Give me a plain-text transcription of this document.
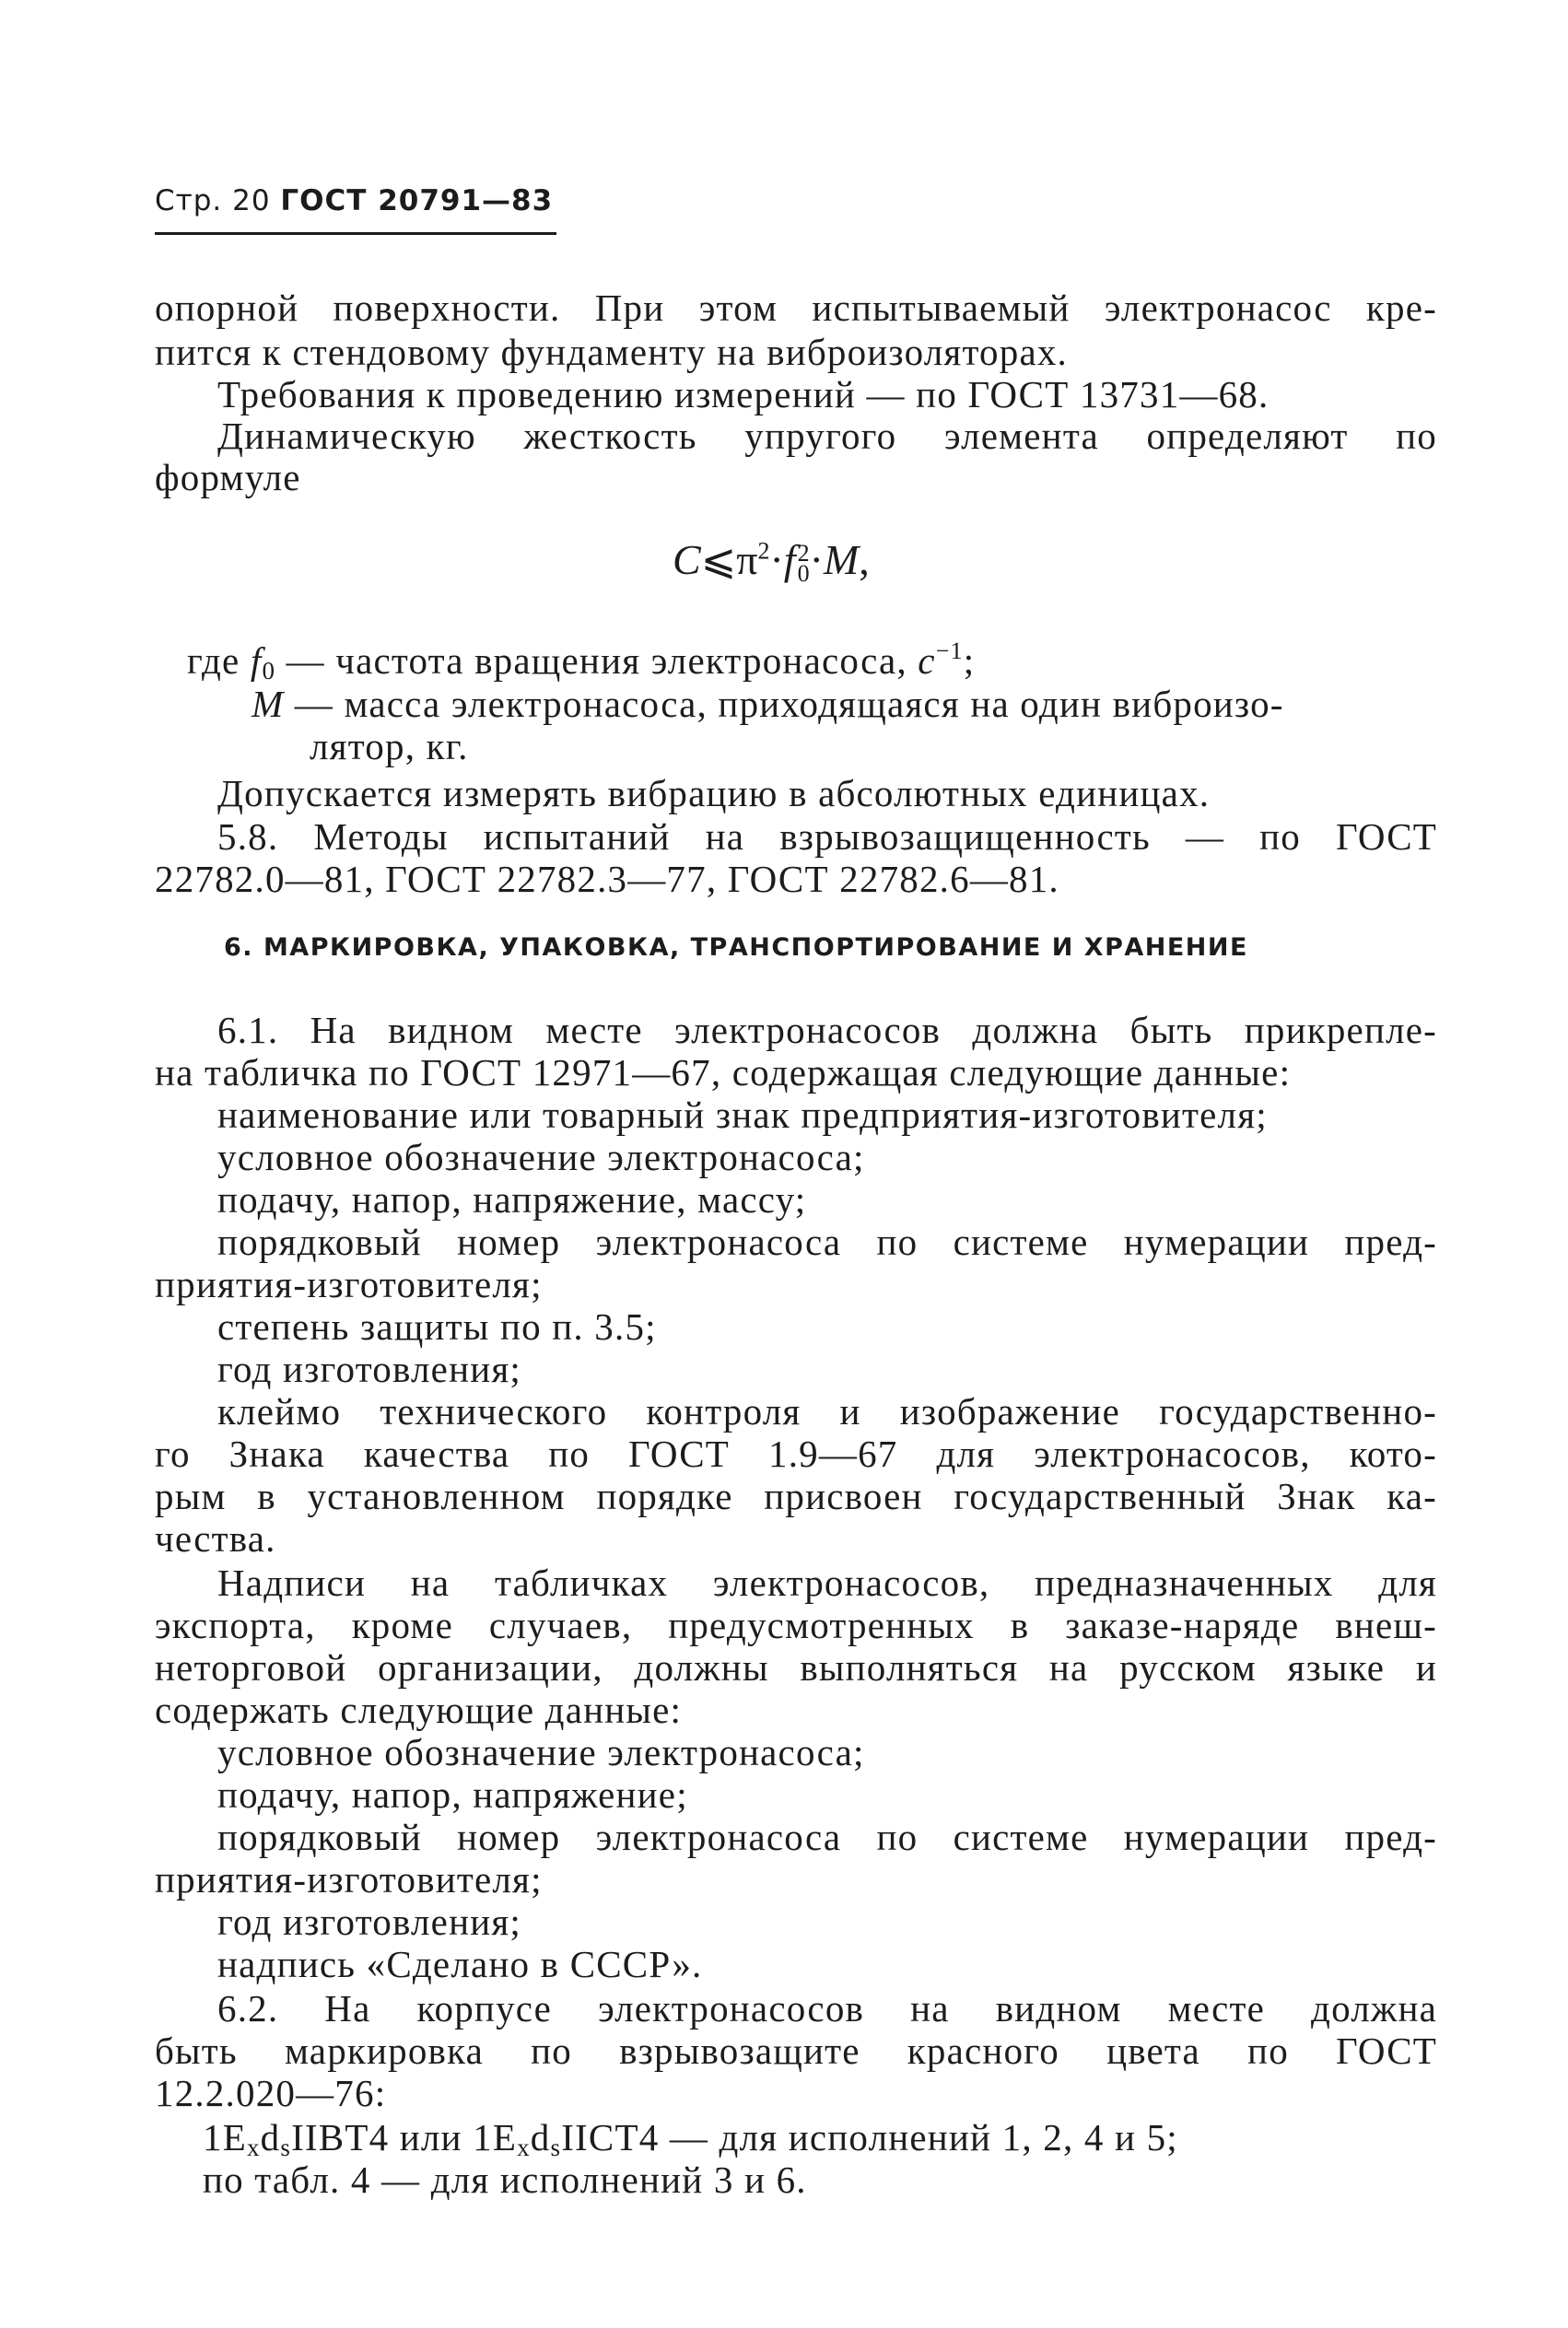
Стр. 20 ГОСТ 20791—83
опорной поверхности. При этом испытываемый электронасос кре-
пится к стендовому фундаменту на виброизоляторах.
Требования к проведению измерений — по ГОСТ 13731—68.
Динамическую жесткость упругого элемента определяют по
формуле
$C⩽\pi^2\cdot f$ 2
0 ·M,
где $f_0$ — частота вращения электронасоса, $с^{-1}$;
М — масса электронасоса, приходящаяся на один виброизо-
лятор, кг.
Допускается измерять вибрацию в абсолютных единицах.
5.8. Методы испытаний на взрывозащищенность — по ГОСТ
22782.0—81, ГОСТ 22782.3—77, ГОСТ 22782.6—81.
6. МАРКИРОВКА, УПАКОВКА, ТРАНСПОРТИРОВАНИЕ И ХРАНЕНИЕ
6.1. На видном месте электронасосов должна быть прикрепле-
на табличка по ГОСТ 12971—67, содержащая следующие данные:
наименование или товарный знак предприятия-изготовителя;
условное обозначение электронасоса;
подачу, напор, напряжение, массу;
порядковый номер электронасоса по системе нумерации пред-
приятия-изготовителя;
степень защиты по п. 3.5;
год изготовления;
клеймо технического контроля и изображение государственно-
го Знака качества по ГОСТ 1.9—67 для электронасосов, кото-
рым в установленном порядке присвоен государственный Знак ка-
чества.
Надписи на табличках электронасосов, предназначенных для
экспорта, кроме случаев, предусмотренных в заказе-наряде внеш-
неторговой организации, должны выполняться на русском языке и
содержать следующие данные:
условное обозначение электронасоса;
подачу, напор, напряжение;
порядковый номер электронасоса по системе нумерации пред-
приятия-изготовителя;
год изготовления;
надпись «Сделано в СССР».
6.2. На корпусе электронасосов на видном месте должна
быть маркировка по взрывозащите красного цвета по ГОСТ
12.2.020—76:
$1E_xd_sIIBT4$ или $1E_xd_sIICT4$ — для исполнений 1, 2, 4 и 5;
по табл. 4 — для исполнений 3 и 6.
